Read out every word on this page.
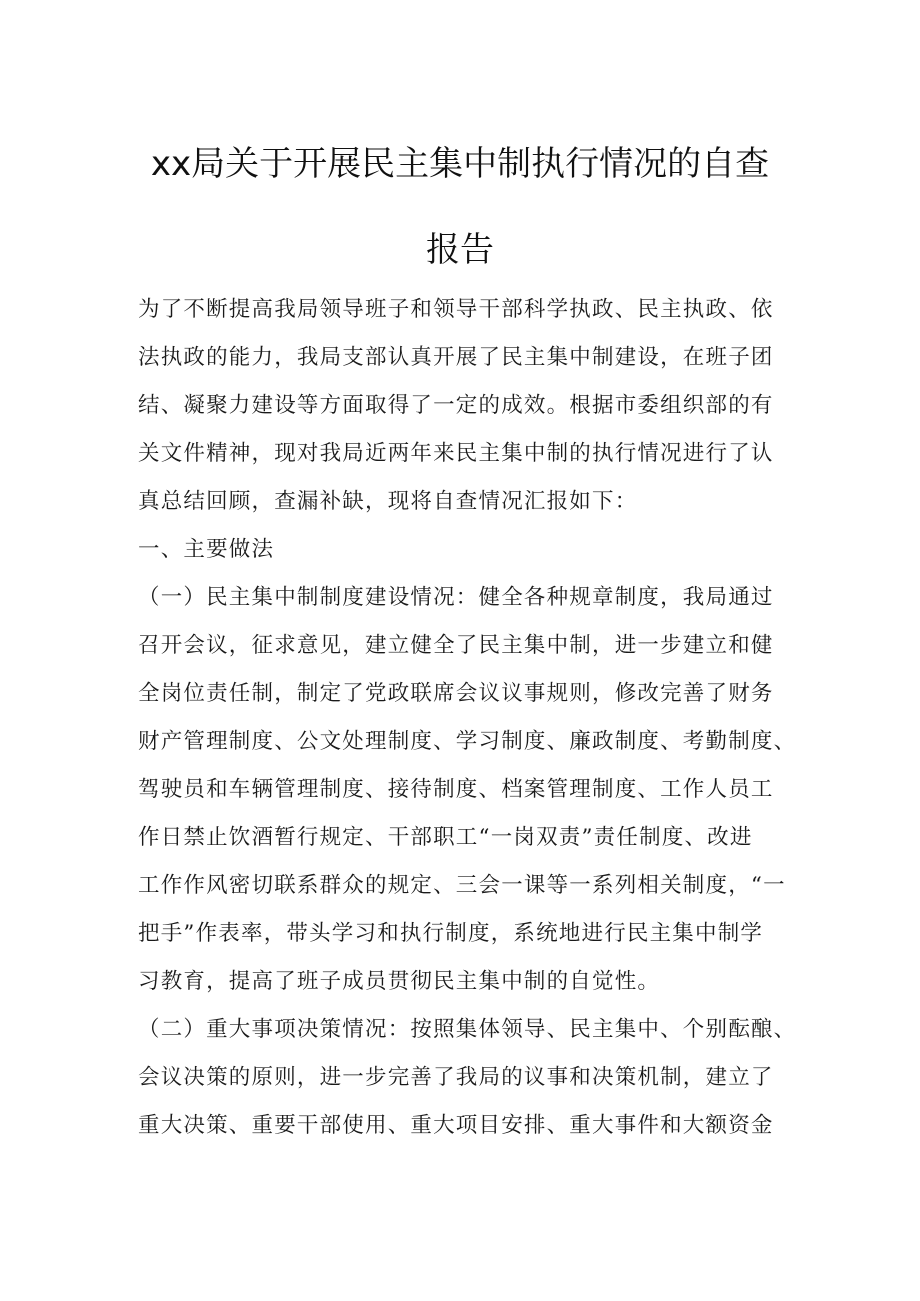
xx局关于开展民主集中制执行情况的自查
报告
为了不断提高我局领导班子和领导干部科学执政、民主执政、依
法执政的能力，我局支部认真开展了民主集中制建设，在班子团
结、凝聚力建设等方面取得了一定的成效。根据市委组织部的有
关文件精神，现对我局近两年来民主集中制的执行情况进行了认
真总结回顾，查漏补缺，现将自查情况汇报如下：
一、主要做法
（一）民主集中制制度建设情况：健全各种规章制度，我局通过
召开会议，征求意见，建立健全了民主集中制，进一步建立和健
全岗位责任制，制定了党政联席会议议事规则，修改完善了财务
财产管理制度、公文处理制度、学习制度、廉政制度、考勤制度、
驾驶员和车辆管理制度、接待制度、档案管理制度、工作人员工
作日禁止饮酒暂行规定、干部职工“一岗双责”责任制度、改进
工作作风密切联系群众的规定、三会一课等一系列相关制度，“一
把手”作表率，带头学习和执行制度，系统地进行民主集中制学
习教育，提高了班子成员贯彻民主集中制的自觉性。
（二）重大事项决策情况：按照集体领导、民主集中、个别酝酿、
会议决策的原则，进一步完善了我局的议事和决策机制，建立了
重大决策、重要干部使用、重大项目安排、重大事件和大额资金
